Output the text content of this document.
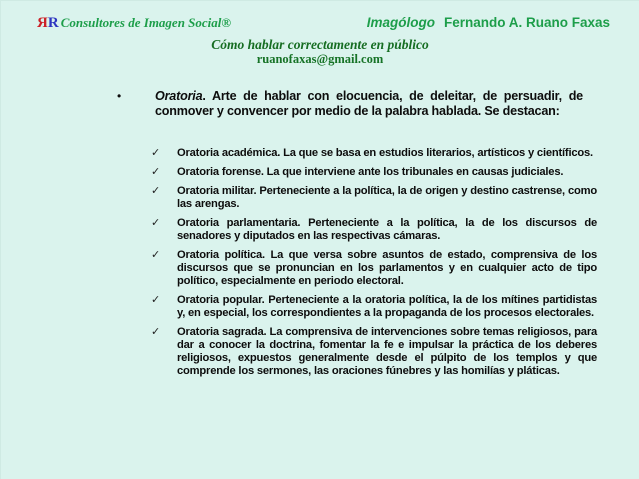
ЯR Consultores de Imagen Social®	Imagólogo Fernando A. Ruano Faxas
Cómo hablar correctamente en público
ruanofaxas@gmail.com
•	Oratoria. Arte de hablar con elocuencia, de deleitar, de persuadir, de conmover y convencer por medio de la palabra hablada. Se destacan:
✓ Oratoria académica. La que se basa en estudios literarios, artísticos y científicos.
✓ Oratoria forense. La que interviene ante los tribunales en causas judiciales.
✓ Oratoria militar. Perteneciente a la política, la de origen y destino castrense, como las arengas.
✓ Oratoria parlamentaria. Perteneciente a la política, la de los discursos de senadores y diputados en las respectivas cámaras.
✓ Oratoria política. La que versa sobre asuntos de estado, comprensiva de los discursos que se pronuncian en los parlamentos y en cualquier acto de tipo político, especialmente en periodo electoral.
✓ Oratoria popular. Perteneciente a la oratoria política, la de los mítines partidistas y, en especial, los correspondientes a la propaganda de los procesos electorales.
✓ Oratoria sagrada. La comprensiva de intervenciones sobre temas religiosos, para dar a conocer la doctrina, fomentar la fe e impulsar la práctica de los deberes religiosos, expuestos generalmente desde el púlpito de los templos y que comprende los sermones, las oraciones fúnebres y las homilías y pláticas.
